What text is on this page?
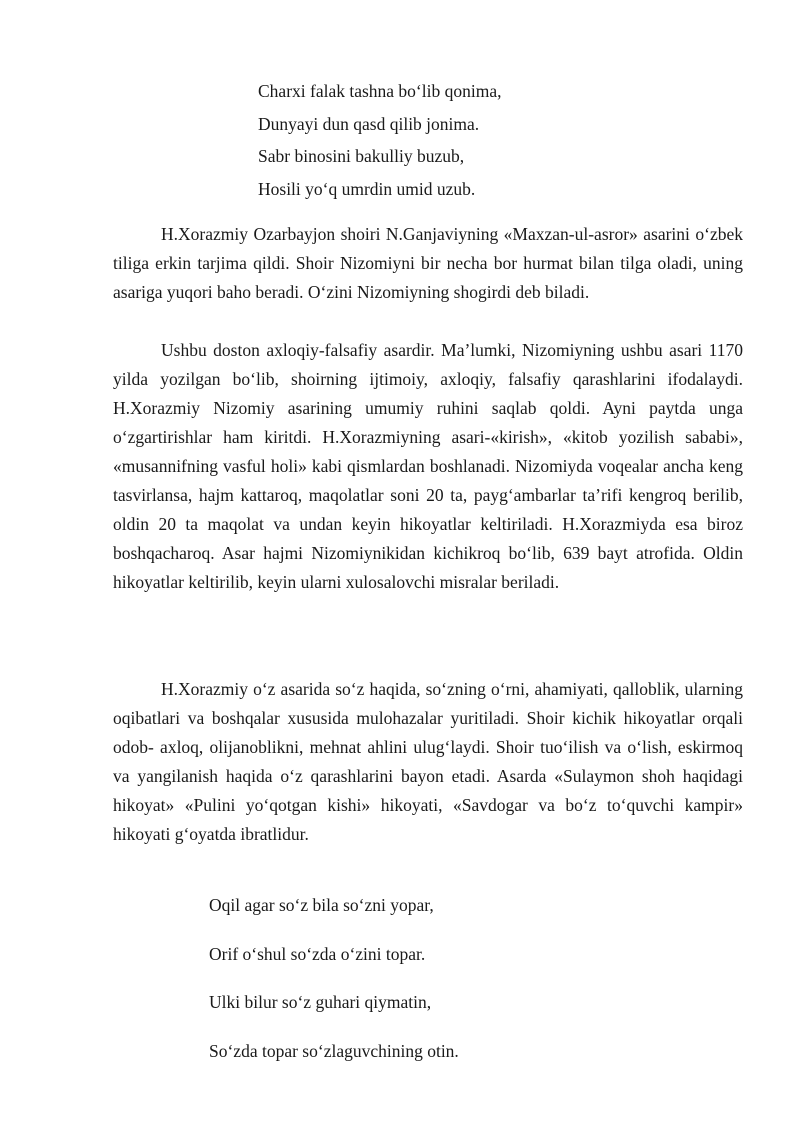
Charxi falak tashna bo‘lib qonima,
Dunyayi dun qasd qilib jonima.
Sabr binosini bakulliy buzub,
Hosili yo‘q umrdin umid uzub.

H.Xorazmiy Ozarbayjon shoiri N.Ganjaviyning «Maxzan-ul-asror» asarini o‘zbek tiliga erkin tarjima qildi. Shoir Nizomiyni bir necha bor hurmat bilan tilga oladi, uning asariga yuqori baho beradi. O‘zini Nizomiyning shogirdi deb biladi.

Ushbu doston axloqiy-falsafiy asardir. Ma’lumki, Nizomiyning ushbu asari 1170 yilda yozilgan bo‘lib, shoirning ijtimoiy, axloqiy, falsafiy qarashlarini ifodalaydi. H.Xorazmiy Nizomiy asarining umumiy ruhini saqlab qoldi. Ayni paytda unga o‘zgartirishlar ham kiritdi. H.Xorazmiyning asari-«kirish», «kitob yozilish sababi», «musannifning vasful holi» kabi qismlardan boshlanadi. Nizomiyda voqealar ancha keng tasvirlansa, hajm kattaroq, maqolatlar soni 20 ta, payg‘ambarlar ta’rifi kengroq berilib, oldin 20 ta maqolat va undan keyin hikoyatlar keltiriladi. H.Xorazmiyda esa biroz boshqacharoq. Asar hajmi Nizomiynikidan kichikroq bo‘lib, 639 bayt atrofida. Oldin hikoyatlar keltirilib, keyin ularni xulosalovchi misralar beriladi.

H.Xorazmiy o‘z asarida so‘z haqida, so‘zning o‘rni, ahamiyati, qalloblik, ularning oqibatlari va boshqalar xususida mulohazalar yuritiladi. Shoir kichik hikoyatlar orqali odob- axloq, olijanoblikni, mehnat ahlini ulug‘laydi. Shoir tuo‘ilish va o‘lish, eskirmoq va yangilanish haqida o‘z qarashlarini bayon etadi. Asarda «Sulaymon shoh haqidagi hikoyat» «Pulini yo‘qotgan kishi» hikoyati, «Savdogar va bo‘z to‘quvchi kampir» hikoyati g‘oyatda ibratlidur.

Oqil agar so‘z bila so‘zni yopar,
Orif o‘shul so‘zda o‘zini topar.
Ulki bilur so‘z guhari qiymatin,
So‘zda topar so‘zlaguvchining otin.
